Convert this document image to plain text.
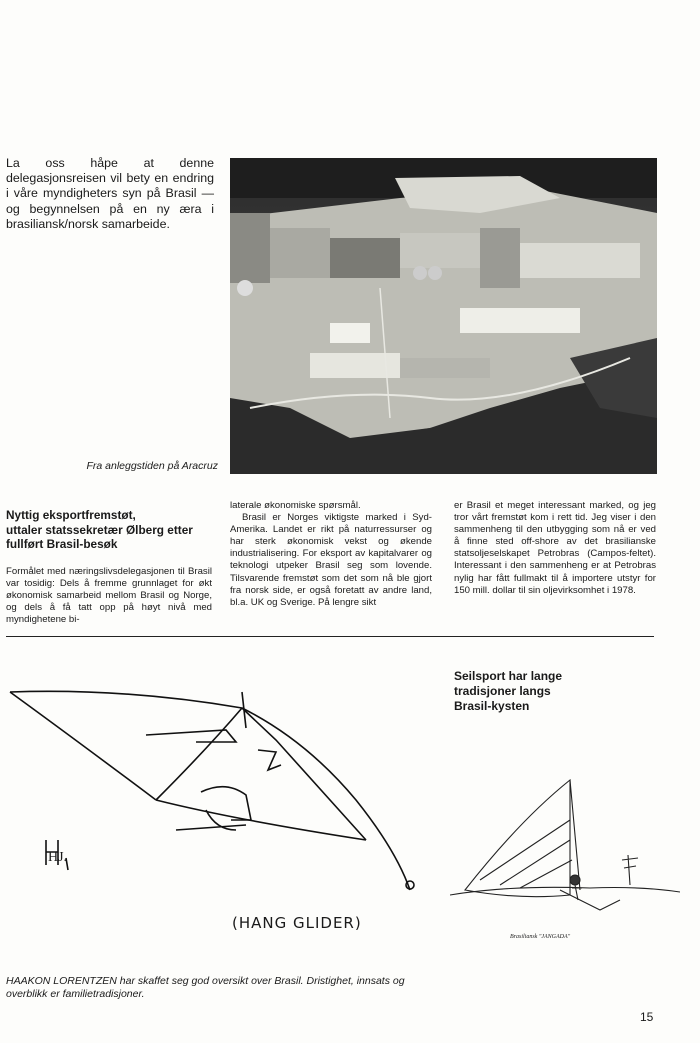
La oss håpe at denne delegasjonsreisen vil bety en endring i våre myndigheters syn på Brasil — og begynnelsen på en ny æra i brasiliansk/norsk samarbeide.
Fra anleggstiden på Aracruz
Nyttig eksportfremstøt,
uttaler statssekretær Ølberg etter
fullført Brasil-besøk

Formålet med næringslivsdelegasjonen til Brasil var tosidig: Dels å fremme grunnlaget for økt økonomisk samarbeid mellom Brasil og Norge, og dels å få tatt opp på høyt nivå med myndighetene bi-

laterale økonomiske spørsmål.

Brasil er Norges viktigste marked i Syd-Amerika. Landet er rikt på naturressurser og har sterk økonomisk vekst og økende industrialisering. For eksport av kapitalvarer og teknologi utpeker Brasil seg som lovende. Tilsvarende fremstøt som det som nå ble gjort fra norsk side, er også foretatt av andre land, bl.a. UK og Sverige. På lengre sikt

er Brasil et meget interessant marked, og jeg tror vårt fremstøt kom i rett tid. Jeg viser i den sammenheng til den utbygging som nå er ved å finne sted off-shore av det brasilianske statsoljeselskapet Petrobras (Campos-feltet). Interessant i den sammenheng er at Petrobras nylig har fått fullmakt til å importere utstyr for 150 mill. dollar til sin oljevirksomhet i 1978.

Seilsport har lange
tradisjoner langs
Brasil-kysten
HJ.
(HANG GLIDER)
Brasiliansk "JANGADA"
HAAKON LORENTZEN har skaffet seg god oversikt over Brasil. Dristighet, innsats og overblikk er familietradisjoner.
15
